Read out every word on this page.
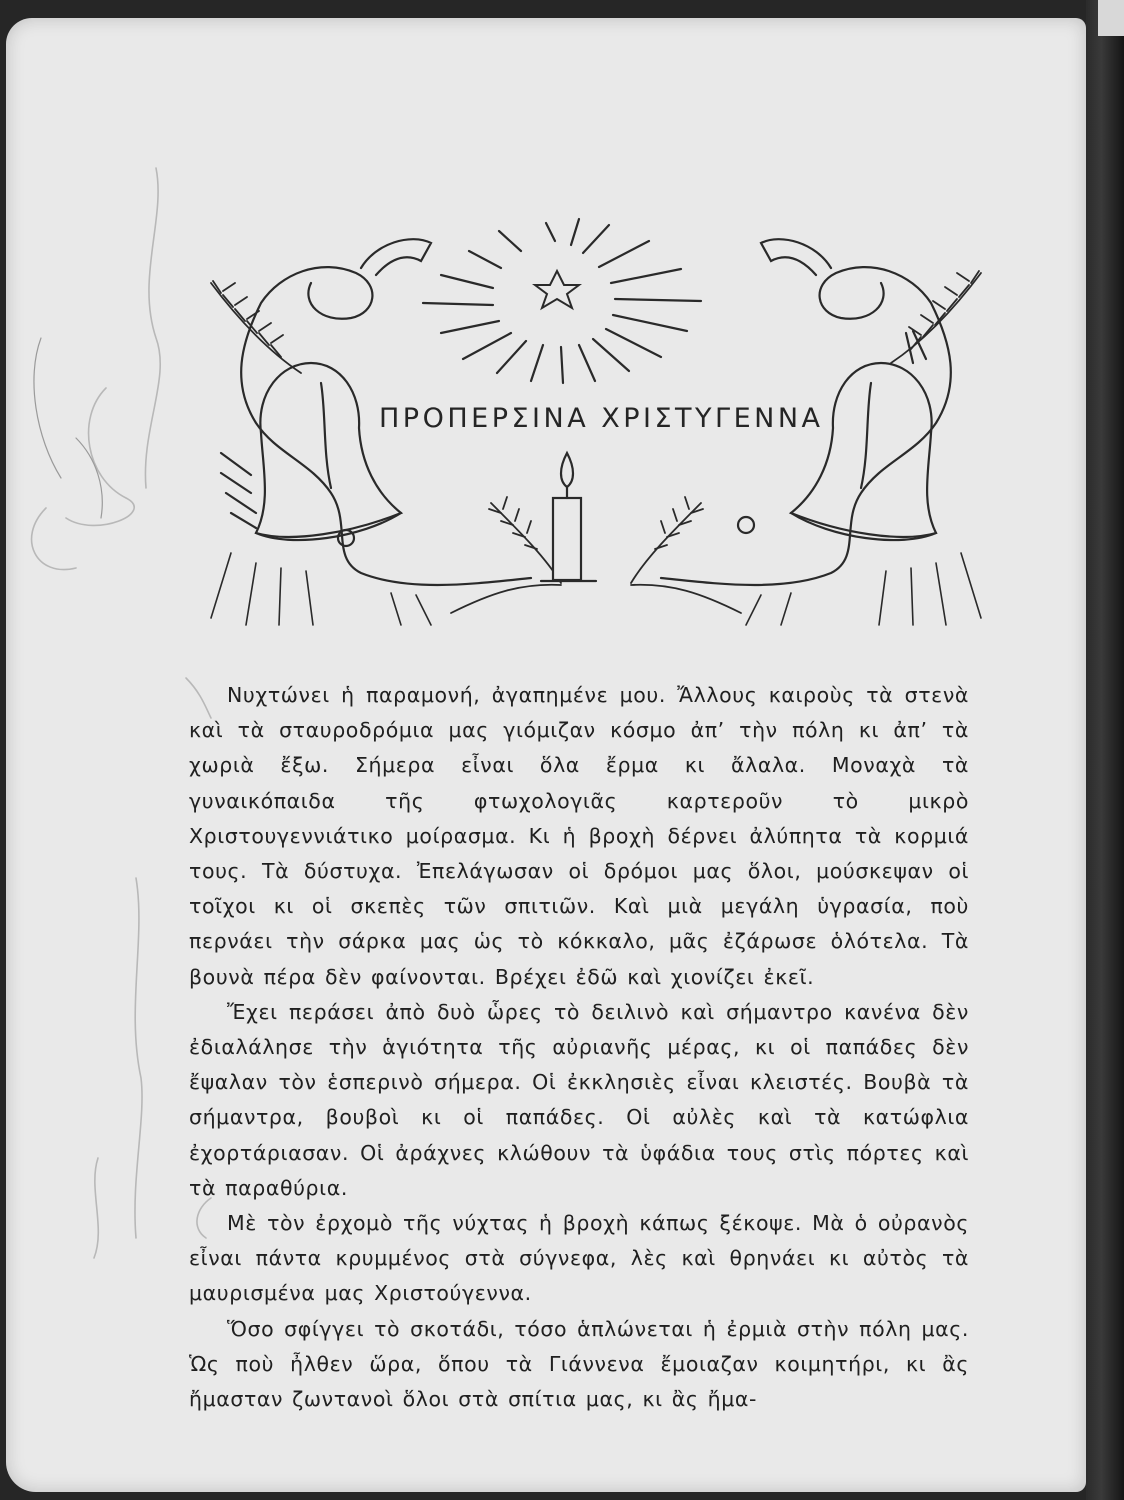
ΠΡΟΠΕΡΣΙΝΑ ΧΡΙΣΤΥΓΕΝΝΑ

Νυχτώνει ἡ παραμονή, ἀγαπημένε μου. Ἄλλους καιροὺς τὰ στενὰ καὶ τὰ σταυροδρόμια μας γιόμιζαν κόσμο ἀπ’ τὴν πόλη κι ἀπ’ τὰ χωριὰ ἔξω. Σήμερα εἶναι ὅλα ἔρμα κι ἄλαλα. Μοναχὰ τὰ γυναικόπαιδα τῆς φτωχολογιᾶς καρτεροῦν τὸ μικρὸ Χριστουγεννιάτικο μοίρασμα. Κι ἡ βροχὴ δέρνει ἀλύπητα τὰ κορμιά τους. Τὰ δύστυχα. Ἐπελάγωσαν οἱ δρόμοι μας ὅλοι, μούσκεψαν οἱ τοῖχοι κι οἱ σκεπὲς τῶν σπιτιῶν. Καὶ μιὰ μεγάλη ὑγρασία, ποὺ περνάει τὴν σάρκα μας ὡς τὸ κόκκαλο, μᾶς ἐζάρωσε ὁλότελα. Τὰ βουνὰ πέρα δὲν φαίνονται. Βρέχει ἐδῶ καὶ χιονίζει ἐκεῖ.

Ἔχει περάσει ἀπὸ δυὸ ὧρες τὸ δειλινὸ καὶ σήμαντρο κανένα δὲν ἐδιαλάλησε τὴν ἁγιότητα τῆς αὐριανῆς μέρας, κι οἱ παπάδες δὲν ἔψαλαν τὸν ἑσπερινὸ σήμερα. Οἱ ἐκκλησιὲς εἶναι κλειστές. Βουβὰ τὰ σήμαντρα, βουβοὶ κι οἱ παπάδες. Οἱ αὐλὲς καὶ τὰ κατώφλια ἐχορτάριασαν. Οἱ ἀράχνες κλώθουν τὰ ὑφάδια τους στὶς πόρτες καὶ τὰ παραθύρια.

Μὲ τὸν ἐρχομὸ τῆς νύχτας ἡ βροχὴ κάπως ξέκοψε. Μὰ ὁ οὐρανὸς εἶναι πάντα κρυμμένος στὰ σύγνεφα, λὲς καὶ θρηνάει κι αὐτὸς τὰ μαυρισμένα μας Χριστούγεννα.

Ὅσο σφίγγει τὸ σκοτάδι, τόσο ἁπλώνεται ἡ ἐρμιὰ στὴν πόλη μας. Ὡς ποὺ ἦλθεν ὥρα, ὅπου τὰ Γιάννενα ἔμοιαζαν κοιμητήρι, κι ἂς ἤμασταν ζωντανοὶ ὅλοι στὰ σπίτια μας, κι ἂς ἤμα-
